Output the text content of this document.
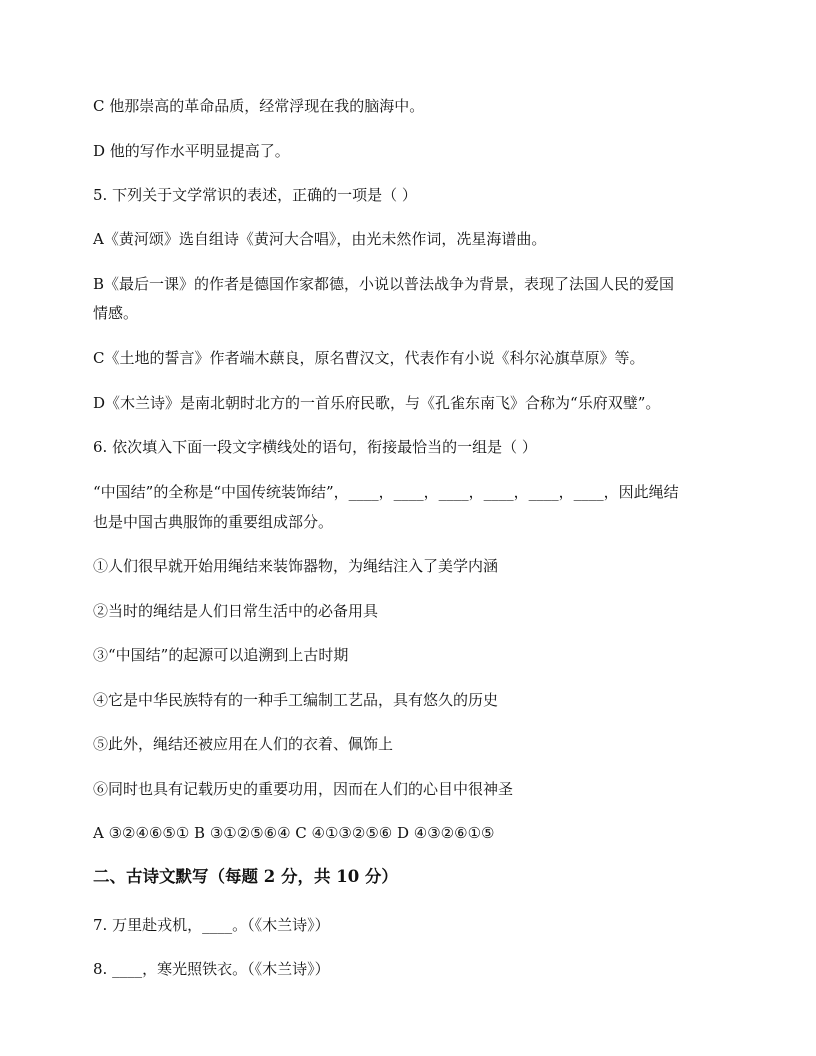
C 他那崇高的革命品质，经常浮现在我的脑海中。
D 他的写作水平明显提高了。
5. 下列关于文学常识的表述，正确的一项是（ ）
A《黄河颂》选自组诗《黄河大合唱》，由光未然作词，冼星海谱曲。
B《最后一课》的作者是德国作家都德，小说以普法战争为背景，表现了法国人民的爱国
情感。
C《土地的誓言》作者端木蕻良，原名曹汉文，代表作有小说《科尔沁旗草原》等。
D《木兰诗》是南北朝时北方的一首乐府民歌，与《孔雀东南飞》合称为“乐府双璧”。
6. 依次填入下面一段文字横线处的语句，衔接最恰当的一组是（ ）
“中国结”的全称是“中国传统装饰结”，____，____，____，____，____，____，因此绳结
也是中国古典服饰的重要组成部分。
①人们很早就开始用绳结来装饰器物，为绳结注入了美学内涵
②当时的绳结是人们日常生活中的必备用具
③“中国结”的起源可以追溯到上古时期
④它是中华民族特有的一种手工编制工艺品，具有悠久的历史
⑤此外，绳结还被应用在人们的衣着、佩饰上
⑥同时也具有记载历史的重要功用，因而在人们的心目中很神圣
A ③②④⑥⑤① B ③①②⑤⑥④ C ④①③②⑤⑥ D ④③②⑥①⑤
二、古诗文默写（每题 2 分，共 10 分）
7. 万里赴戎机，____。（《木兰诗》）
8. ____，寒光照铁衣。（《木兰诗》）
